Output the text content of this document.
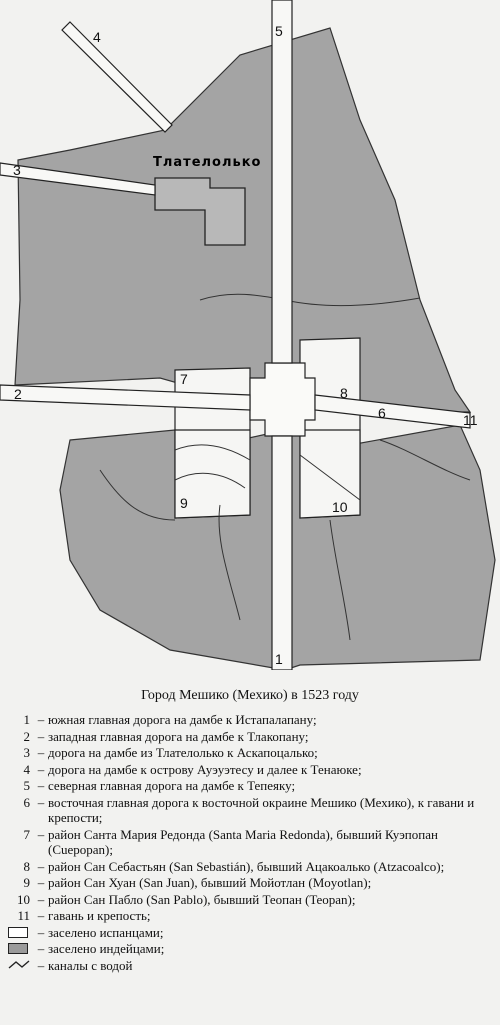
4	5
3	Тлателолько
7
2	8
6	11
9	10
1
Город Мешико (Мехико) в 1523 году
1 – южная главная дорога на дамбе к Истапалапану;
2 – западная главная дорога на дамбе к Тлакопану;
3 – дорога на дамбе из Тлателолько к Аскапоцалько;
4 – дорога на дамбе к острову Ауэуэтесу и далее к Тенаюке;
5 – северная главная дорога на дамбе к Тепеяку;
6 – восточная главная дорога к восточной окраине Мешико (Мехико), к гавани и крепости;
7 – район Санта Мария Редонда (Santa Maria Redonda), бывший Куэпопан (Cuepopan);
8 – район Сан Себастьян (San Sebastián), бывший Ацакоалько (Atzacoalco);
9 – район Сан Хуан (San Juan), бывший Мойотлан (Moyotlan);
10 – район Сан Пабло (San Pablo), бывший Теопан (Teopan);
11 – гавань и крепость;
– заселено испанцами;
– заселено индейцами;
– каналы с водой
